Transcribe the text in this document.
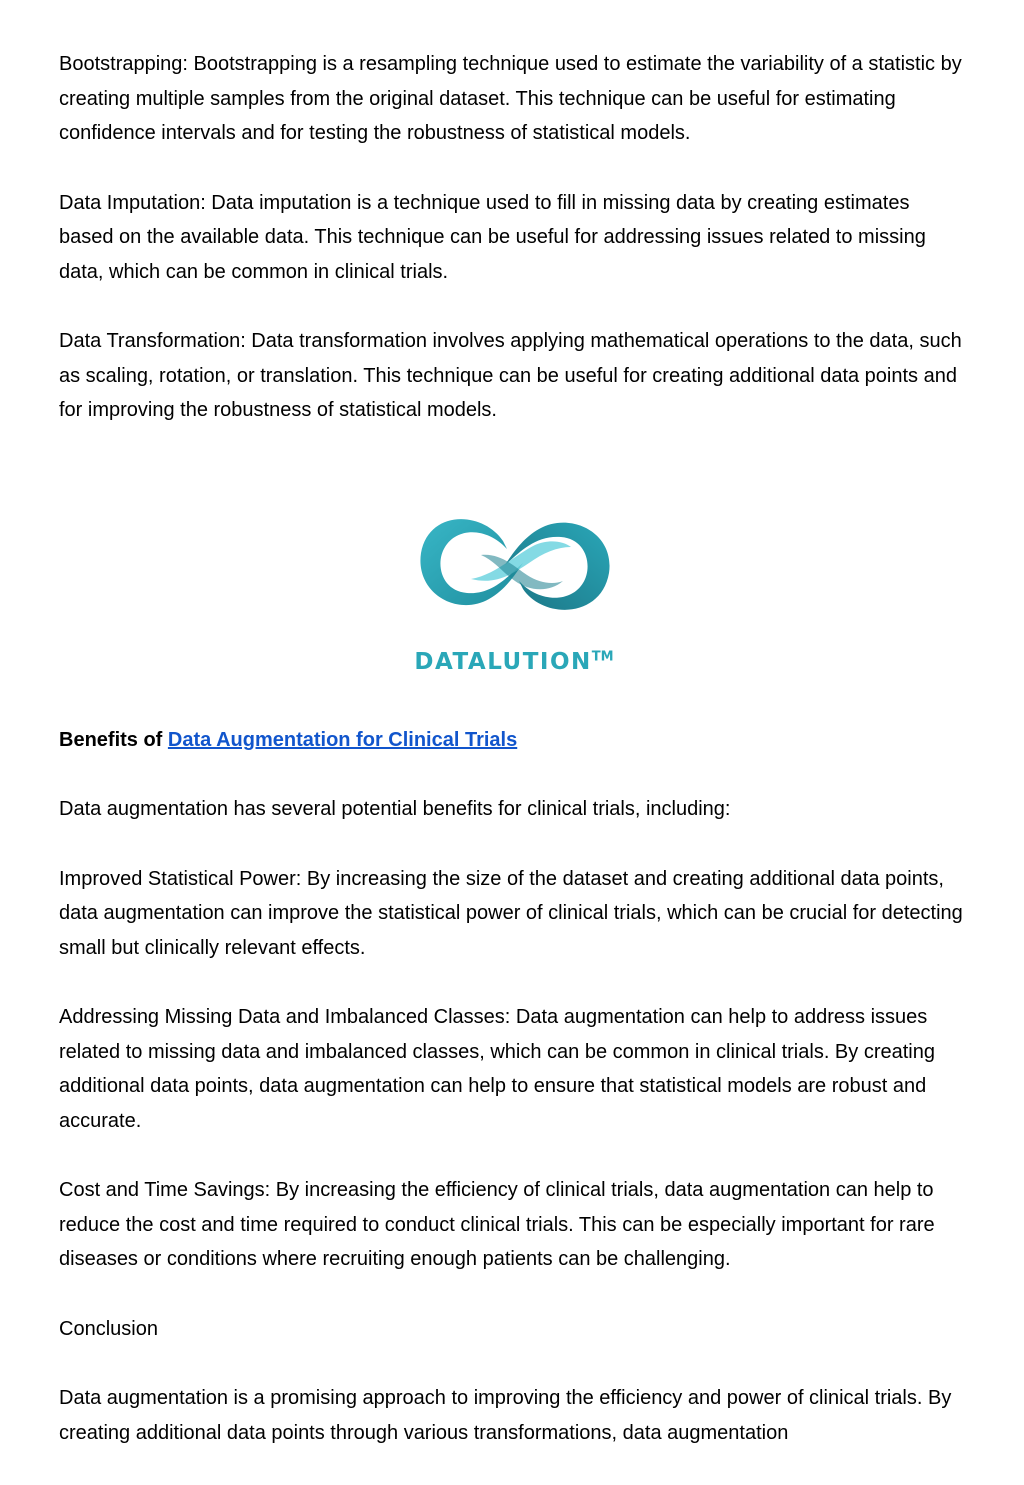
Bootstrapping: Bootstrapping is a resampling technique used to estimate the variability of a statistic by creating multiple samples from the original dataset. This technique can be useful for estimating confidence intervals and for testing the robustness of statistical models.

Data Imputation: Data imputation is a technique used to fill in missing data by creating estimates based on the available data. This technique can be useful for addressing issues related to missing data, which can be common in clinical trials.

Data Transformation: Data transformation involves applying mathematical operations to the data, such as scaling, rotation, or translation. This technique can be useful for creating additional data points and for improving the robustness of statistical models.

DATALUTION™

Benefits of Data Augmentation for Clinical Trials

Data augmentation has several potential benefits for clinical trials, including:

Improved Statistical Power: By increasing the size of the dataset and creating additional data points, data augmentation can improve the statistical power of clinical trials, which can be crucial for detecting small but clinically relevant effects.

Addressing Missing Data and Imbalanced Classes: Data augmentation can help to address issues related to missing data and imbalanced classes, which can be common in clinical trials. By creating additional data points, data augmentation can help to ensure that statistical models are robust and accurate.

Cost and Time Savings: By increasing the efficiency of clinical trials, data augmentation can help to reduce the cost and time required to conduct clinical trials. This can be especially important for rare diseases or conditions where recruiting enough patients can be challenging.

Conclusion

Data augmentation is a promising approach to improving the efficiency and power of clinical trials. By creating additional data points through various transformations, data augmentation
